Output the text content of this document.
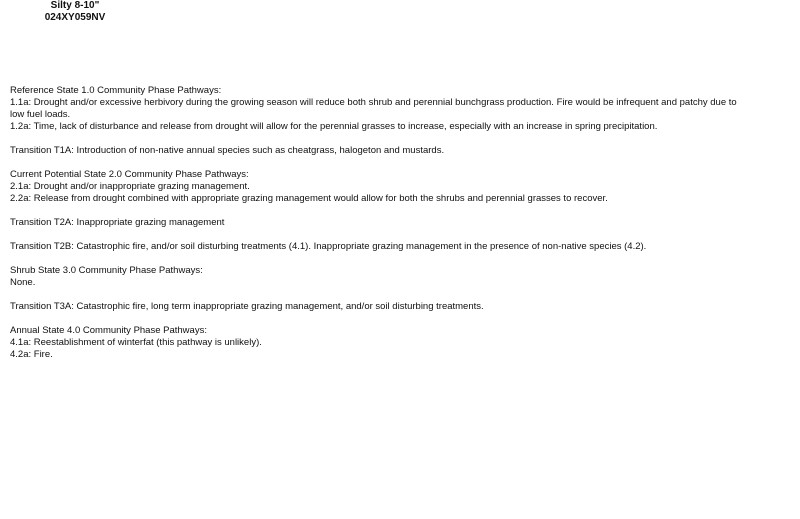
Silty 8-10"
024XY059NV
Reference State 1.0 Community Phase Pathways:
1.1a: Drought and/or excessive herbivory during the growing season will reduce both shrub and perennial bunchgrass production. Fire would be infrequent and patchy due to low fuel loads.
1.2a: Time, lack of disturbance and release from drought will allow for the perennial grasses to increase, especially with an increase in spring precipitation.
Transition T1A: Introduction of non-native annual species such as cheatgrass, halogeton and mustards.
Current Potential State 2.0 Community Phase Pathways:
2.1a: Drought and/or inappropriate grazing management.
2.2a: Release from drought combined with appropriate grazing management would allow for both the shrubs and perennial grasses to recover.
Transition T2A: Inappropriate grazing management
Transition T2B: Catastrophic fire, and/or soil disturbing treatments (4.1). Inappropriate grazing management in the presence of non-native species (4.2).
Shrub State 3.0 Community Phase Pathways:
None.
Transition T3A: Catastrophic fire, long term inappropriate grazing management, and/or soil disturbing treatments.
Annual State 4.0 Community Phase Pathways:
4.1a: Reestablishment of winterfat (this pathway is unlikely).
4.2a: Fire.
